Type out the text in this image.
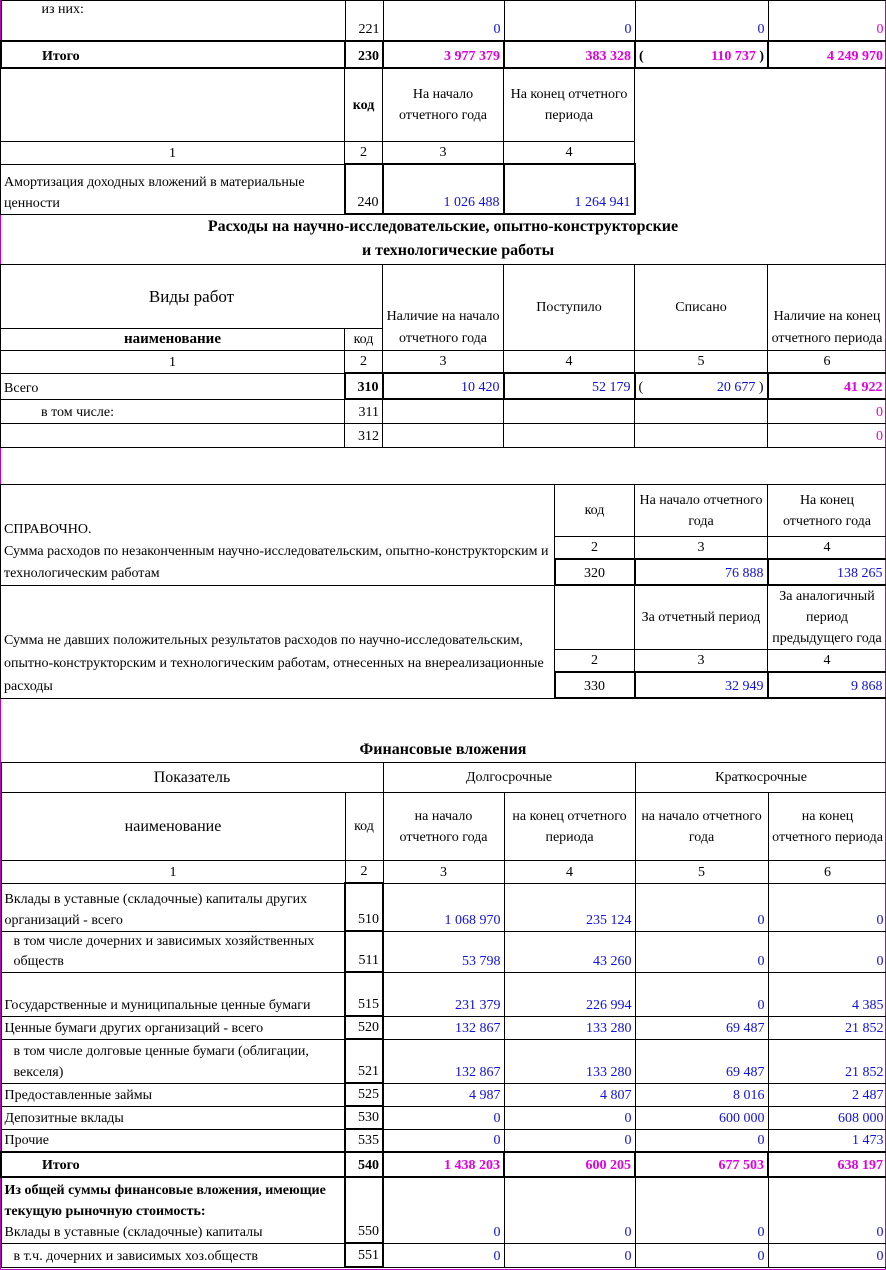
из них:	221	0	0	0	0
Итого	230	3 977 379	383 328	( 110 737 )	4 249 970
	код	На начало отчетного года	На конец отчетного периода
1	2	3	4
Амортизация доходных вложений в материальные ценности	240	1 026 488	1 264 941
Расходы на научно-исследовательские, опытно-конструкторские
и технологические работы
Виды работ		Наличие на начало отчетного года	Поступило	Списано	Наличие на конец отчетного периода
наименование	код				
1	2	3	4	5	6
Всего	310	10 420	52 179	( 20 677 )	41 922
в том числе:	311				0
	312				0
СПРАВОЧНО.
Сумма расходов по незаконченным научно-исследовательским, опытно-конструкторским и технологическим работам	код	На начало отчетного года	На конец отчетного года
	2	3	4
	320	76 888	138 265
Сумма не давших положительных результатов расходов по научно-исследовательским, опытно-конструкторским и технологическим работам, отнесенных на внереализационные расходы		За отчетный период	За аналогичный период предыдущего года
	2	3	4
	330	32 949	9 868
Финансовые вложения
Показатель		Долгосрочные		Краткосрочные	
наименование	код	на начало отчетного года	на конец отчетного периода	на начало отчетного года	на конец отчетного периода
1	2	3	4	5	6
Вклады в уставные (складочные) капиталы других организаций - всего	510	1 068 970	235 124	0	0
в том числе дочерних и зависимых хозяйственных обществ	511	53 798	43 260	0	0
Государственные и муниципальные ценные бумаги	515	231 379	226 994	0	4 385
Ценные бумаги других организаций - всего	520	132 867	133 280	69 487	21 852
в том числе долговые ценные бумаги (облигации, векселя)	521	132 867	133 280	69 487	21 852
Предоставленные займы	525	4 987	4 807	8 016	2 487
Депозитные вклады	530	0	0	600 000	608 000
Прочие	535	0	0	0	1 473
Итого	540	1 438 203	600 205	677 503	638 197

Из общей суммы финансовые вложения, имеющие текущую рыночную стоимость:
Вклады в уставные (складочные) капиталы	550	0	0	0	0
в т.ч. дочерних и зависимых хоз.обществ	551	0	0	0	0
